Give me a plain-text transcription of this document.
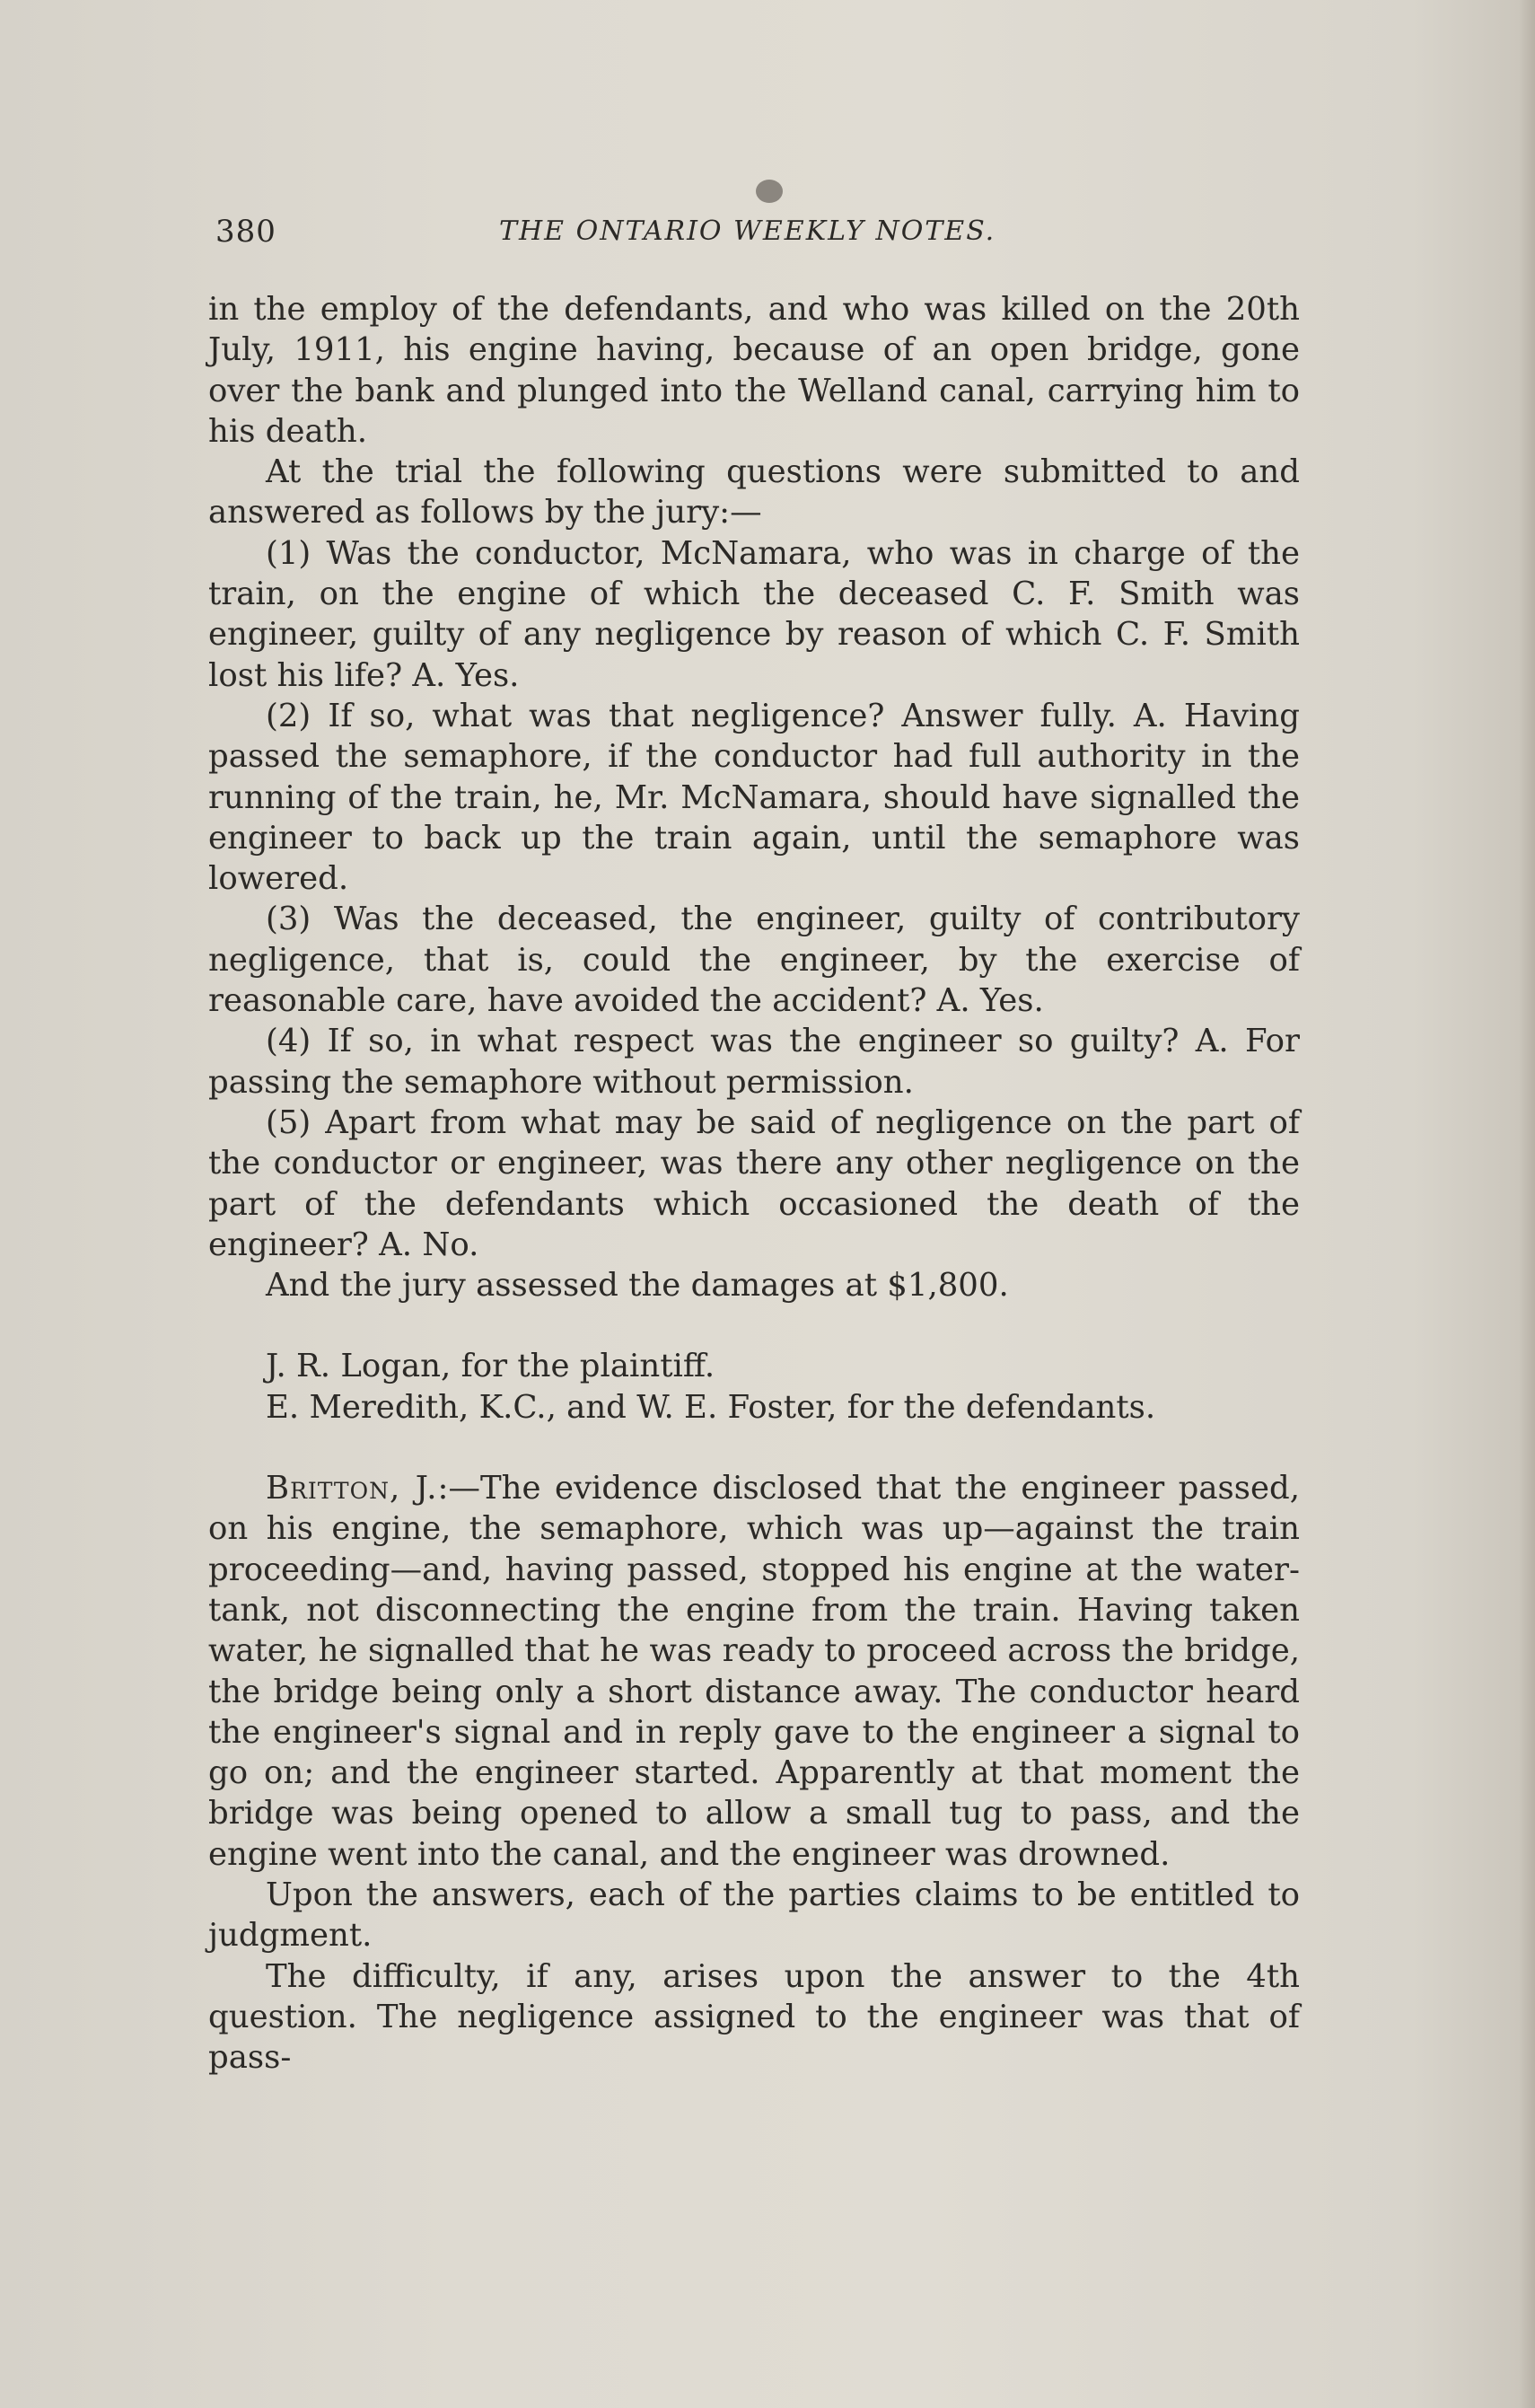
380	THE ONTARIO WEEKLY NOTES.

in the employ of the defendants, and who was killed on the 20th July, 1911, his engine having, because of an open bridge, gone over the bank and plunged into the Welland canal, carrying him to his death.

At the trial the following questions were submitted to and answered as follows by the jury:—

(1) Was the conductor, McNamara, who was in charge of the train, on the engine of which the deceased C. F. Smith was engineer, guilty of any negligence by reason of which C. F. Smith lost his life? A. Yes.

(2) If so, what was that negligence? Answer fully. A. Having passed the semaphore, if the conductor had full authority in the running of the train, he, Mr. McNamara, should have signalled the engineer to back up the train again, until the semaphore was lowered.

(3) Was the deceased, the engineer, guilty of contributory negligence, that is, could the engineer, by the exercise of reasonable care, have avoided the accident? A. Yes.

(4) If so, in what respect was the engineer so guilty? A. For passing the semaphore without permission.

(5) Apart from what may be said of negligence on the part of the conductor or engineer, was there any other negligence on the part of the defendants which occasioned the death of the engineer? A. No.

And the jury assessed the damages at $1,800.

J. R. Logan, for the plaintiff.

E. Meredith, K.C., and W. E. Foster, for the defendants.

Britton, J.:—The evidence disclosed that the engineer passed, on his engine, the semaphore, which was up—against the train proceeding—and, having passed, stopped his engine at the water-tank, not disconnecting the engine from the train. Having taken water, he signalled that he was ready to proceed across the bridge, the bridge being only a short distance away. The conductor heard the engineer's signal and in reply gave to the engineer a signal to go on; and the engineer started. Apparently at that moment the bridge was being opened to allow a small tug to pass, and the engine went into the canal, and the engineer was drowned.

Upon the answers, each of the parties claims to be entitled to judgment.

The difficulty, if any, arises upon the answer to the 4th question. The negligence assigned to the engineer was that of pass-
